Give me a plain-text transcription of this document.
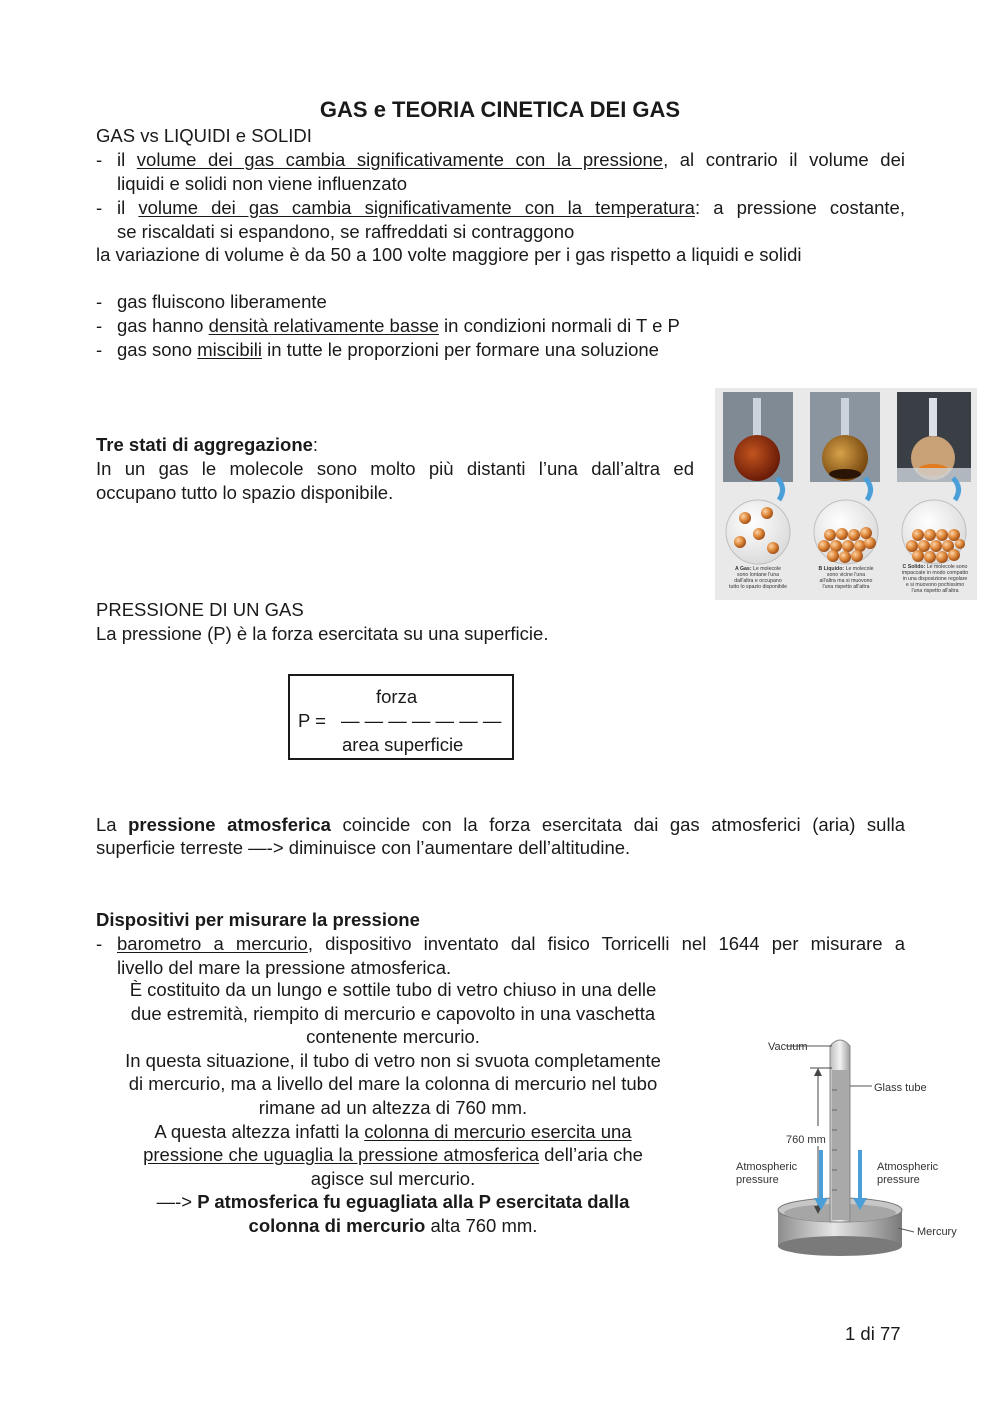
GAS e TEORIA CINETICA DEI GAS
GAS vs LIQUIDI e SOLIDI
- il volume dei gas cambia significativamente con la pressione, al contrario il volume dei
liquidi e solidi non viene influenzato
- il volume dei gas cambia significativamente con la temperatura: a pressione costante,
se riscaldati si espandono, se raffreddati si contraggono
la variazione di volume è da 50 a 100 volte maggiore per i gas rispetto a liquidi e solidi
- gas fluiscono liberamente
- gas hanno densità relativamente basse in condizioni normali di T e P
- gas sono miscibili in tutte le proporzioni per formare una soluzione
Tre stati di aggregazione:
In un gas le molecole sono molto più distanti l’una dall’altra ed
occupano tutto lo spazio disponibile.
A Gas: Le molecole
sono lontane l'una
dall'altra e occupano
tutto lo spazio disponibile
B Liquido: Le molecole
sono vicine l'una
all'altra ma si muovono
l'una rispetto all'altra
C Solido: Le molecole sono
impaccate in modo compatto
in una disposizione regolare
e si muovono pochissimo
l'una rispetto all'altra
PRESSIONE DI UN GAS
La pressione (P) è la forza esercitata su una superficie.
forza
P = — — — — — — —
area superficie
La pressione atmosferica coincide con la forza esercitata dai gas atmosferici (aria) sulla
superficie terreste —-> diminuisce con l’aumentare dell’altitudine.
Dispositivi per misurare la pressione
- barometro a mercurio, dispositivo inventato dal fisico Torricelli nel 1644 per misurare a
livello del mare la pressione atmosferica.
È costituito da un lungo e sottile tubo di vetro chiuso in una delle
due estremità, riempito di mercurio e capovolto in una vaschetta
contenente mercurio.
In questa situazione, il tubo di vetro non si svuota completamente
di mercurio, ma a livello del mare la colonna di mercurio nel tubo
rimane ad un altezza di 760 mm.
A questa altezza infatti la colonna di mercurio esercita una
pressione che uguaglia la pressione atmosferica dell’aria che
agisce sul mercurio.
—-> P atmosferica fu eguagliata alla P esercitata dalla
colonna di mercurio alta 760 mm.
Vacuum
Glass tube
760 mm
Atmospheric
pressure
Atmospheric
pressure
Mercury
1 di 77
